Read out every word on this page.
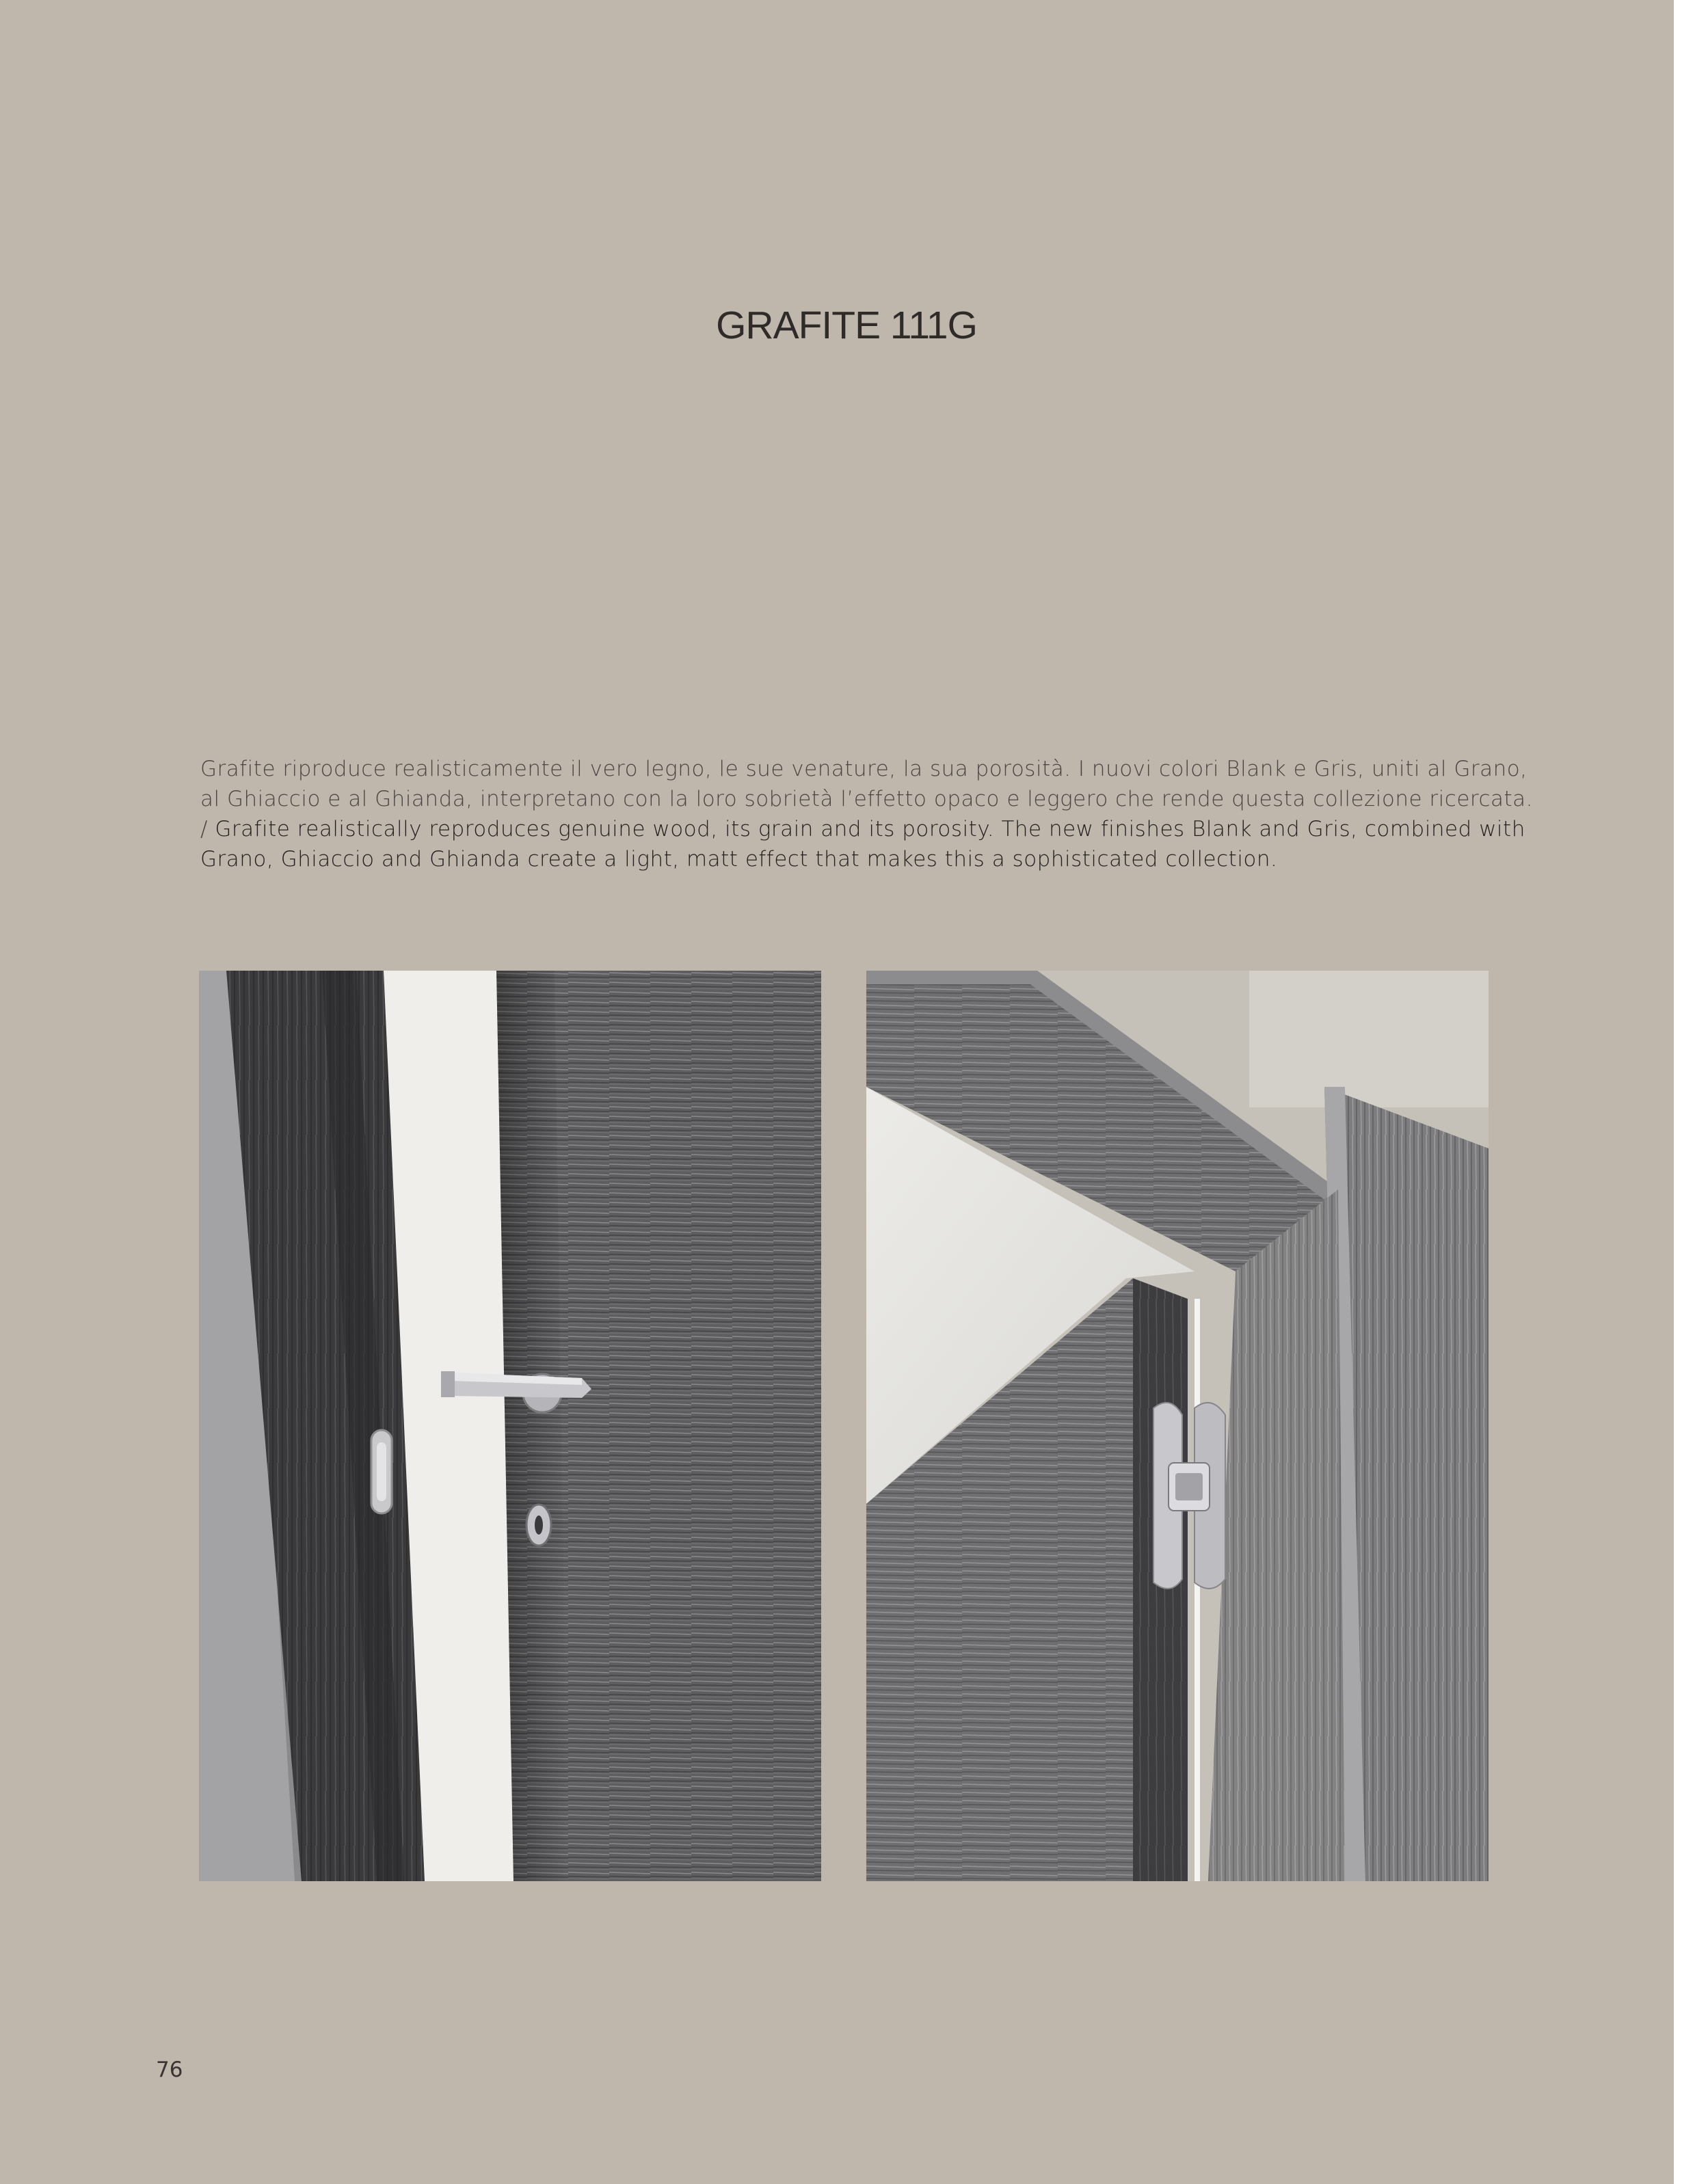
GRAFITE 111G

Grafite riproduce realisticamente il vero legno, le sue venature, la sua porosità. I nuovi colori Blank e Gris, uniti al Grano, al Ghiaccio e al Ghianda, interpretano con la loro sobrietà l’effetto opaco e leggero che rende questa collezione ricercata. / Grafite realistically reproduces genuine wood, its grain and its porosity. The new finishes Blank and Gris, combined with Grano, Ghiaccio and Ghianda create a light, matt effect that makes this a sophisticated collection.

76
